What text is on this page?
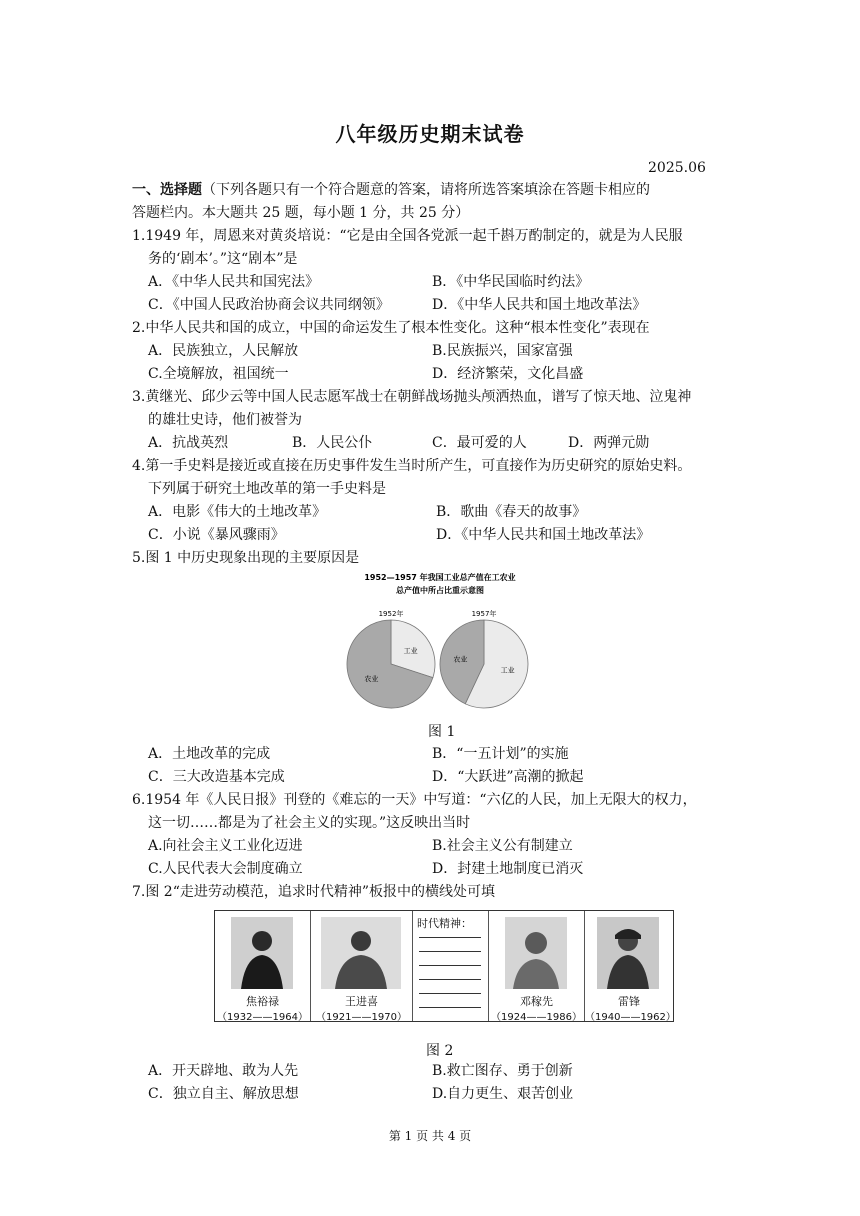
八年级历史期末试卷
2025.06
一、选择题（下列各题只有一个符合题意的答案，请将所选答案填涂在答题卡相应的
答题栏内。本大题共 25 题，每小题 1 分，共 25 分）
1.1949 年，周恩来对黄炎培说：“它是由全国各党派一起千斟万酌制定的，就是为人民服
务的‘剧本’。”这“剧本”是
A．《中华人民共和国宪法》	B．《中华民国临时约法》
C．《中国人民政治协商会议共同纲领》	D．《中华人民共和国土地改革法》
2.中华人民共和国的成立，中国的命运发生了根本性变化。这种“根本性变化”表现在
A．民族独立，人民解放	B.民族振兴，国家富强
C.全境解放，祖国统一	D．经济繁荣，文化昌盛
3.黄继光、邱少云等中国人民志愿军战士在朝鲜战场抛头颅洒热血，谱写了惊天地、泣鬼神
的雄壮史诗，他们被誉为
A．抗战英烈	B．人民公仆	C．最可爱的人	D．两弹元勋
4.第一手史料是接近或直接在历史事件发生当时所产生，可直接作为历史研究的原始史料。
下列属于研究土地改革的第一手史料是
A．电影《伟大的土地改革》	B．歌曲《春天的故事》
C．小说《暴风骤雨》	D．《中华人民共和国土地改革法》
5.图 1 中历史现象出现的主要原因是
1952—1957 年我国工业总产值在工农业
总产值中所占比重示意图
1952年
工业
农业
1957年
工业
农业
图 1
A．土地改革的完成	B．“一五计划”的实施
C．三大改造基本完成	D．“大跃进”高潮的掀起
6.1954 年《人民日报》刊登的《难忘的一天》中写道：“六亿的人民，加上无限大的权力，
这一切……都是为了社会主义的实现。”这反映出当时
A.向社会主义工业化迈进	B.社会主义公有制建立
C.人民代表大会制度确立	D．封建土地制度已消灭
7.图 2“走进劳动模范，追求时代精神”板报中的横线处可填
焦裕禄
（1932——1964）
王进喜
（1921——1970）
时代精神：
邓稼先
（1924——1986）
雷锋
（1940——1962）
图 2
A．开天辟地、敢为人先	B.救亡图存、勇于创新
C．独立自主、解放思想	D.自力更生、艰苦创业
第 1 页 共 4 页
